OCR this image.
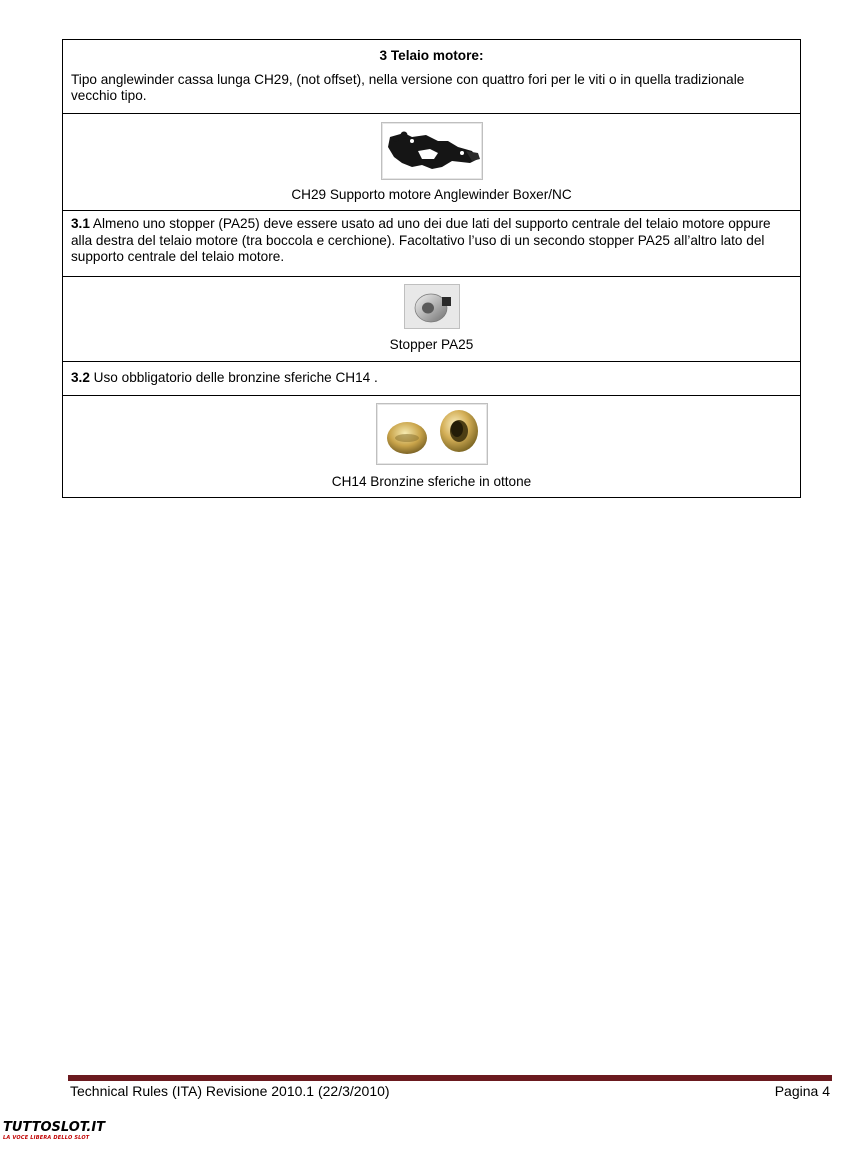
3 Telaio motore:
Tipo anglewinder cassa lunga CH29, (not offset), nella versione con quattro fori per le viti o in quella tradizionale vecchio tipo.
CH29 Supporto motore Anglewinder Boxer/NC
3.1 Almeno uno stopper (PA25) deve essere usato ad uno dei due lati del supporto centrale del telaio motore oppure alla destra del telaio motore (tra boccola e cerchione). Facoltativo l’uso di un secondo stopper PA25 all’altro lato del supporto centrale del telaio motore.
Stopper PA25
3.2 Uso obbligatorio delle bronzine sferiche CH14 .
CH14 Bronzine sferiche in ottone
Technical Rules (ITA) Revisione 2010.1 (22/3/2010)	Pagina 4
TUTTOSLOT.IT
LA VOCE LIBERA DELLO SLOT
